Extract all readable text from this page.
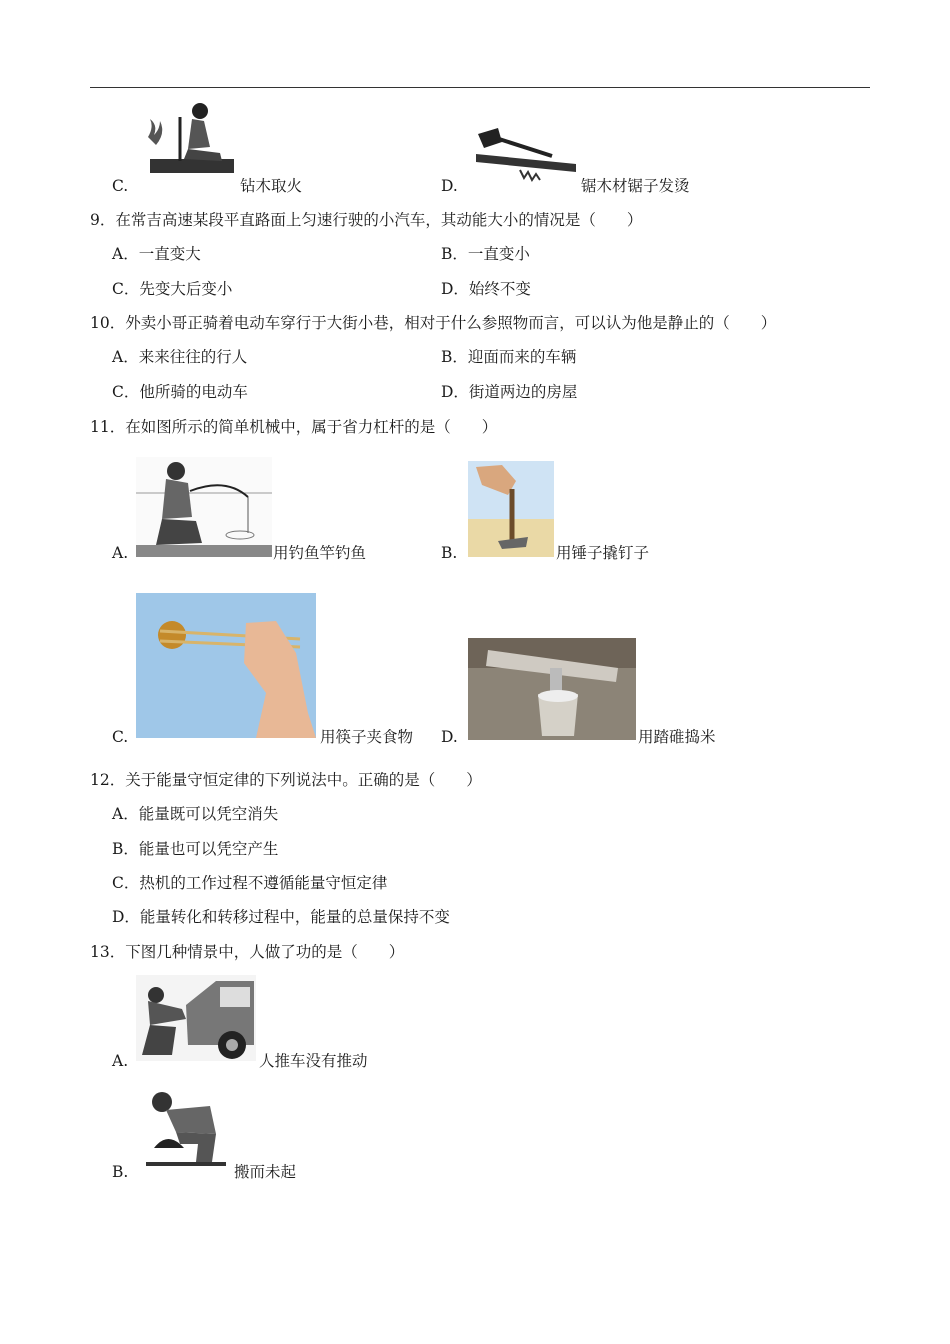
C.	钻木取火	D.	锯木材锯子发烫
9．在常吉高速某段平直路面上匀速行驶的小汽车，其动能大小的情况是（　　）
A．一直变大	B．一直变小
C．先变大后变小	D．始终不变
10．外卖小哥正骑着电动车穿行于大街小巷，相对于什么参照物而言，可以认为他是静止的（　　）
A．来来往往的行人	B．迎面而来的车辆
C．他所骑的电动车	D．街道两边的房屋
11．在如图所示的简单机械中，属于省力杠杆的是（　　）
A.	用钓鱼竿钓鱼	B.	用锤子撬钉子
C.	用筷子夹食物 D.	用踏碓捣米
12．关于能量守恒定律的下列说法中。正确的是（　　）
A．能量既可以凭空消失
B．能量也可以凭空产生
C．热机的工作过程不遵循能量守恒定律
D．能量转化和转移过程中，能量的总量保持不变
13．下图几种情景中，人做了功的是（　　）
A.	人推车没有推动
B.	搬而未起
